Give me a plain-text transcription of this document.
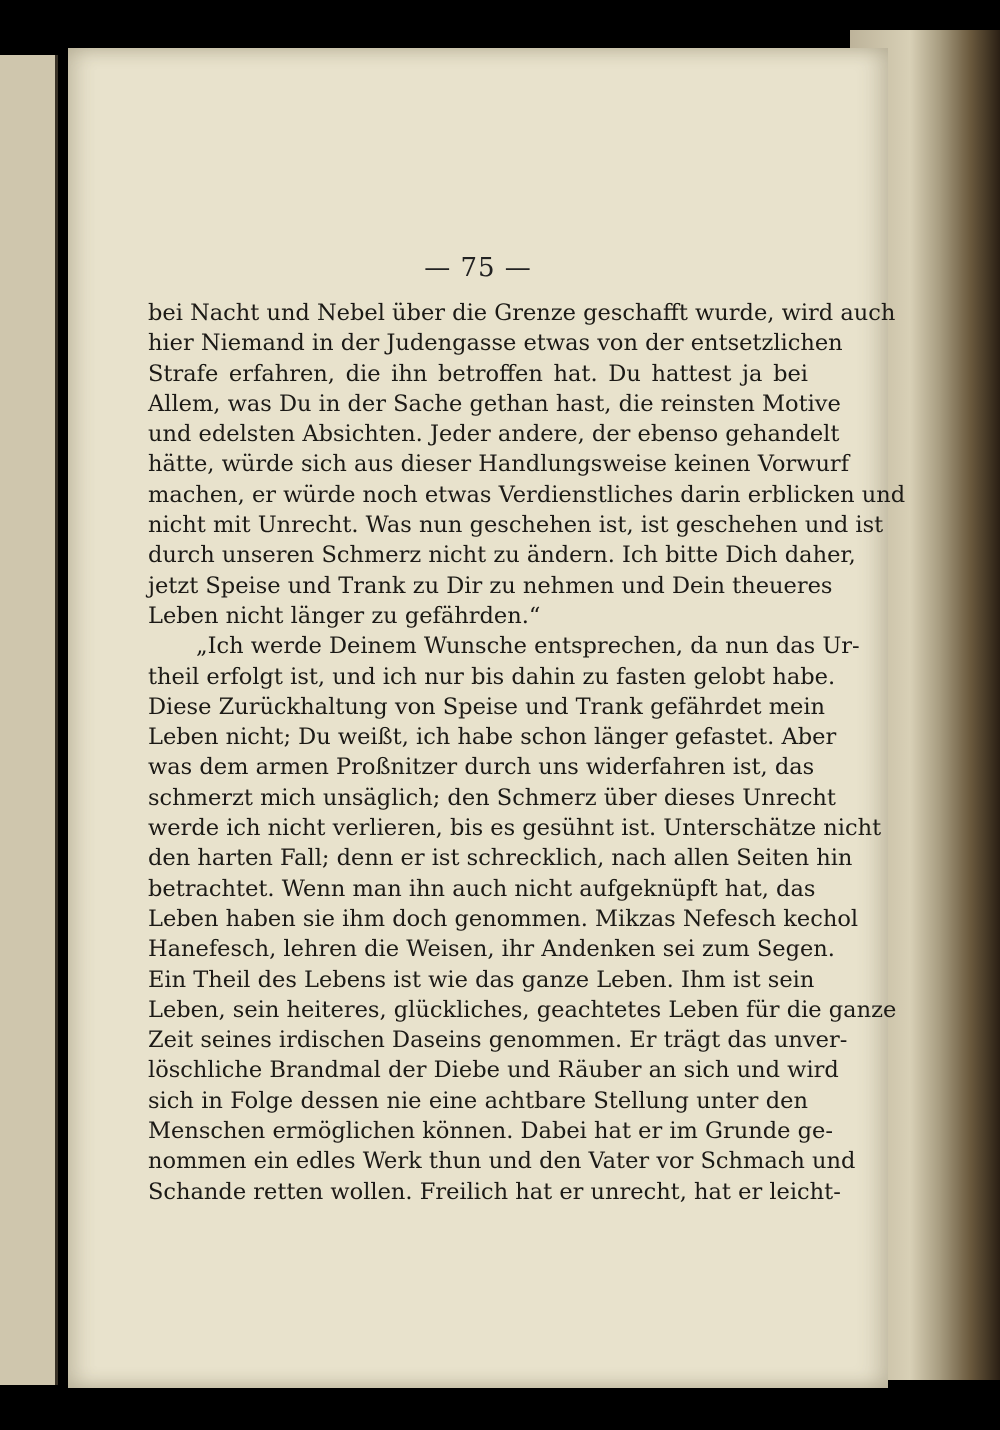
— 75 —
bei Nacht und Nebel über die Grenze geschafft wurde, wird auch
hier Niemand in der Judengasse etwas von der entsetzlichen
Strafe erfahren, die ihn betroffen hat. Du hattest ja bei
Allem, was Du in der Sache gethan hast, die reinsten Motive
und edelsten Absichten. Jeder andere, der ebenso gehandelt
hätte, würde sich aus dieser Handlungsweise keinen Vorwurf
machen, er würde noch etwas Verdienstliches darin erblicken und
nicht mit Unrecht. Was nun geschehen ist, ist geschehen und ist
durch unseren Schmerz nicht zu ändern. Ich bitte Dich daher,
jetzt Speise und Trank zu Dir zu nehmen und Dein theueres
Leben nicht länger zu gefährden.“
„Ich werde Deinem Wunsche entsprechen, da nun das Ur-
theil erfolgt ist, und ich nur bis dahin zu fasten gelobt habe.
Diese Zurückhaltung von Speise und Trank gefährdet mein
Leben nicht; Du weißt, ich habe schon länger gefastet. Aber
was dem armen Proßnitzer durch uns widerfahren ist, das
schmerzt mich unsäglich; den Schmerz über dieses Unrecht
werde ich nicht verlieren, bis es gesühnt ist. Unterschätze nicht
den harten Fall; denn er ist schrecklich, nach allen Seiten hin
betrachtet. Wenn man ihn auch nicht aufgeknüpft hat, das
Leben haben sie ihm doch genommen. Mikzas Nefesch kechol
Hanefesch, lehren die Weisen, ihr Andenken sei zum Segen.
Ein Theil des Lebens ist wie das ganze Leben. Ihm ist sein
Leben, sein heiteres, glückliches, geachtetes Leben für die ganze
Zeit seines irdischen Daseins genommen. Er trägt das unver-
löschliche Brandmal der Diebe und Räuber an sich und wird
sich in Folge dessen nie eine achtbare Stellung unter den
Menschen ermöglichen können. Dabei hat er im Grunde ge-
nommen ein edles Werk thun und den Vater vor Schmach und
Schande retten wollen. Freilich hat er unrecht, hat er leicht-
